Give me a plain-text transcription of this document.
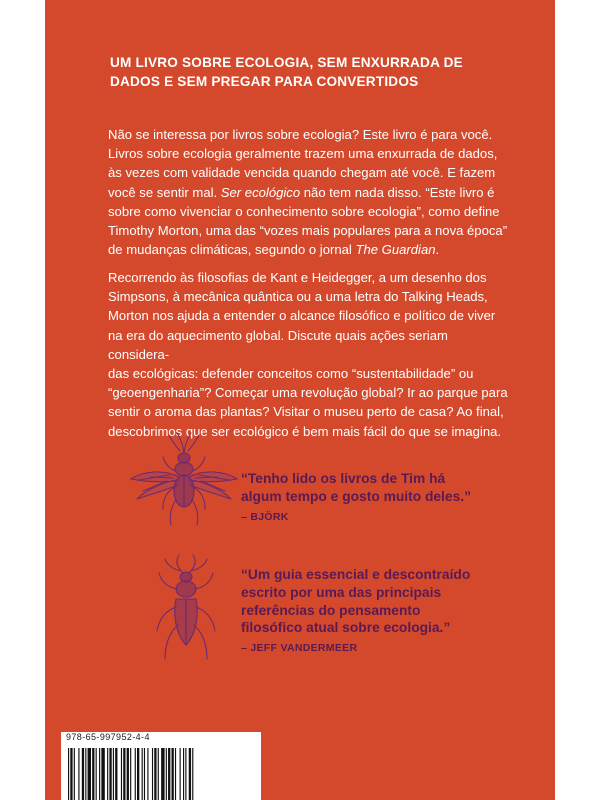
UM LIVRO SOBRE ECOLOGIA, SEM ENXURRADA DE
DADOS E SEM PREGAR PARA CONVERTIDOS

Não se interessa por livros sobre ecologia? Este livro é para você.

Livros sobre ecologia geralmente trazem uma enxurrada de dados,

às vezes com validade vencida quando chegam até você. E fazem

você se sentir mal. Ser ecológico não tem nada disso. “Este livro é

sobre como vivenciar o conhecimento sobre ecologia”, como define

Timothy Morton, uma das “vozes mais populares para a nova época”

de mudanças climáticas, segundo o jornal The Guardian.

Recorrendo às filosofias de Kant e Heidegger, a um desenho dos

Simpsons, à mecânica quântica ou a uma letra do Talking Heads,

Morton nos ajuda a entender o alcance filosófico e político de viver

na era do aquecimento global. Discute quais ações seriam considera-

das ecológicas: defender conceitos como “sustentabilidade” ou

“geoengenharia”? Começar uma revolução global? Ir ao parque para

sentir o aroma das plantas? Visitar o museu perto de casa? Ao final,

descobrimos que ser ecológico é bem mais fácil do que se imagina.

“Tenho lido os livros de Tim há
algum tempo e gosto muito deles.”
– BJÖRK
“Um guia essencial e descontraído
escrito por uma das principais
referências do pensamento
filosófico atual sobre ecologia.”
– JEFF VANDERMEER
978-65-997952-4-4
